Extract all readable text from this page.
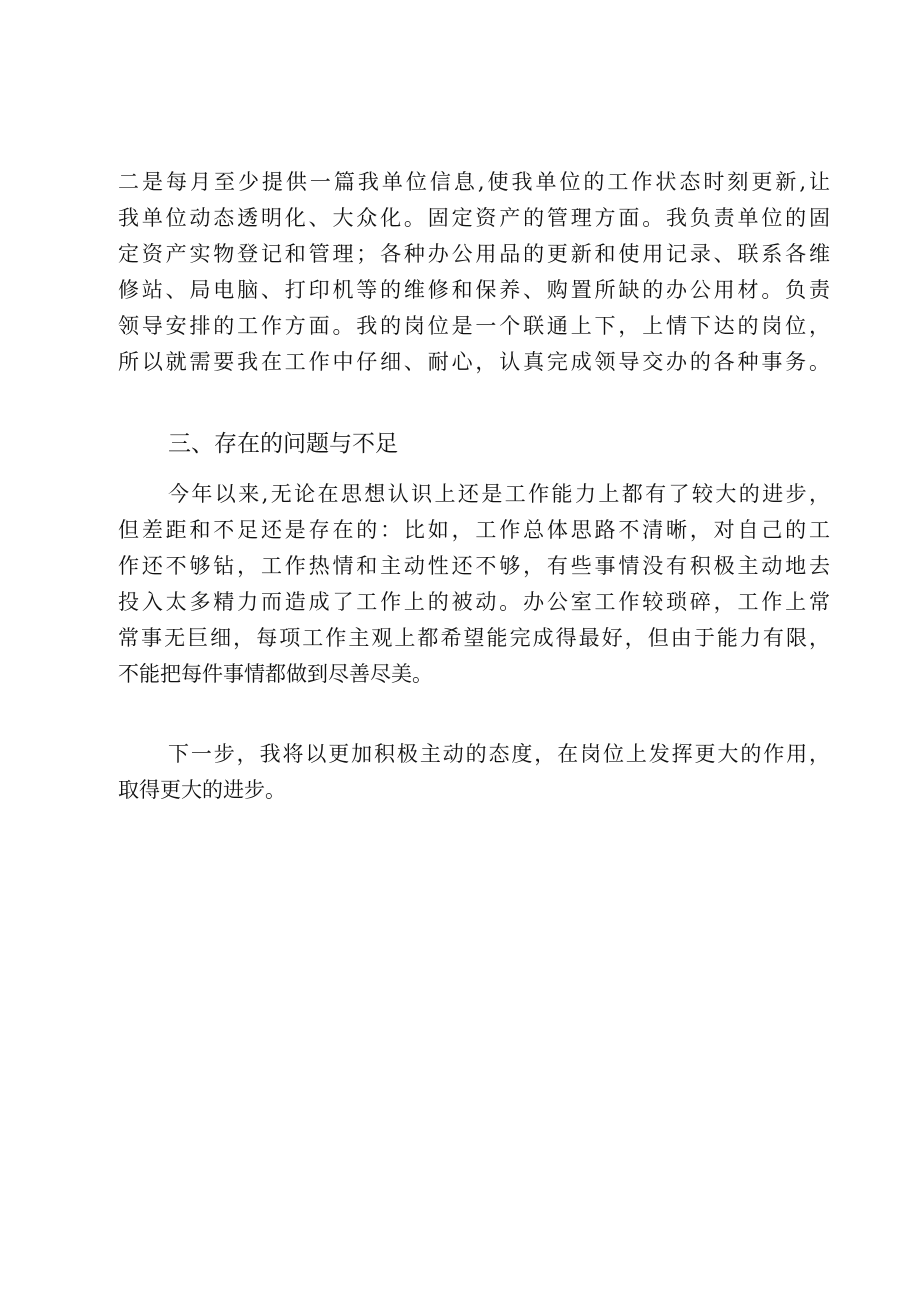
二是每月至少提供一篇我单位信息,使我单位的工作状态时刻更新,让
我单位动态透明化、大众化。固定资产的管理方面。我负责单位的固
定资产实物登记和管理；各种办公用品的更新和使用记录、联系各维
修站、局电脑、打印机等的维修和保养、购置所缺的办公用材。负责
领导安排的工作方面。我的岗位是一个联通上下，上情下达的岗位，
所以就需要我在工作中仔细、耐心，认真完成领导交办的各种事务。
三、存在的问题与不足
今年以来,无论在思想认识上还是工作能力上都有了较大的进步，
但差距和不足还是存在的：比如，工作总体思路不清晰，对自己的工
作还不够钻，工作热情和主动性还不够，有些事情没有积极主动地去
投入太多精力而造成了工作上的被动。办公室工作较琐碎，工作上常
常事无巨细，每项工作主观上都希望能完成得最好，但由于能力有限，
不能把每件事情都做到尽善尽美。
下一步，我将以更加积极主动的态度，在岗位上发挥更大的作用，
取得更大的进步。
